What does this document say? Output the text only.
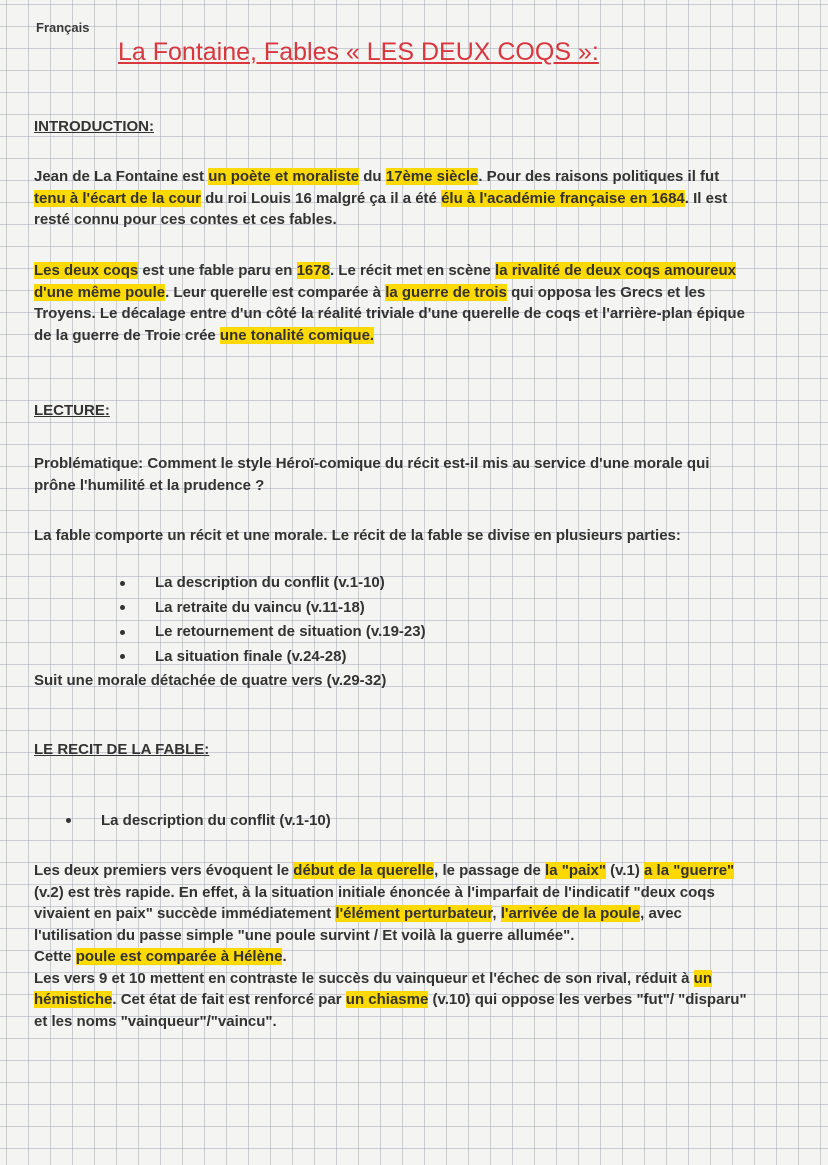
Français
La Fontaine, Fables « LES DEUX COQS »:
INTRODUCTION:

Jean de La Fontaine est un poète et moraliste du 17ème siècle. Pour des raisons politiques il fut tenu à l'écart de la cour du roi Louis 16 malgré ça il a été élu à l'académie française en 1684. Il est resté connu pour ces contes et ces fables.

Les deux coqs est une fable paru en 1678. Le récit met en scène la rivalité de deux coqs amoureux d'une même poule. Leur querelle est comparée à la guerre de trois qui opposa les Grecs et les Troyens. Le décalage entre d'un côté la réalité triviale d'une querelle de coqs et l'arrière-plan épique de la guerre de Troie crée une tonalité comique.

LECTURE:
Problématique: Comment le style Héroï-comique du récit est-il mis au service d'une morale qui prône l'humilité et la prudence ?
La fable comporte un récit et une morale. Le récit de la fable se divise en plusieurs parties:
La description du conflit (v.1-10)
La retraite du vaincu (v.11-18)
Le retournement de situation (v.19-23)
La situation finale (v.24-28)
Suit une morale détachée de quatre vers (v.29-32)
LE RECIT DE LA FABLE:
La description du conflit (v.1-10)

Les deux premiers vers évoquent le début de la querelle, le passage de la "paix" (v.1) a la "guerre" (v.2) est très rapide. En effet, à la situation initiale énoncée à l'imparfait de l'indicatif "deux coqs vivaient en paix" succède immédiatement l'élément perturbateur, l'arrivée de la poule, avec l'utilisation du passe simple "une poule survint / Et voilà la guerre allumée".

Cette poule est comparée à Hélène.

Les vers 9 et 10 mettent en contraste le succès du vainqueur et l'échec de son rival, réduit à un hémistiche. Cet état de fait est renforcé par un chiasme (v.10) qui oppose les verbes "fut"/ "disparu" et les noms "vainqueur"/"vaincu".
